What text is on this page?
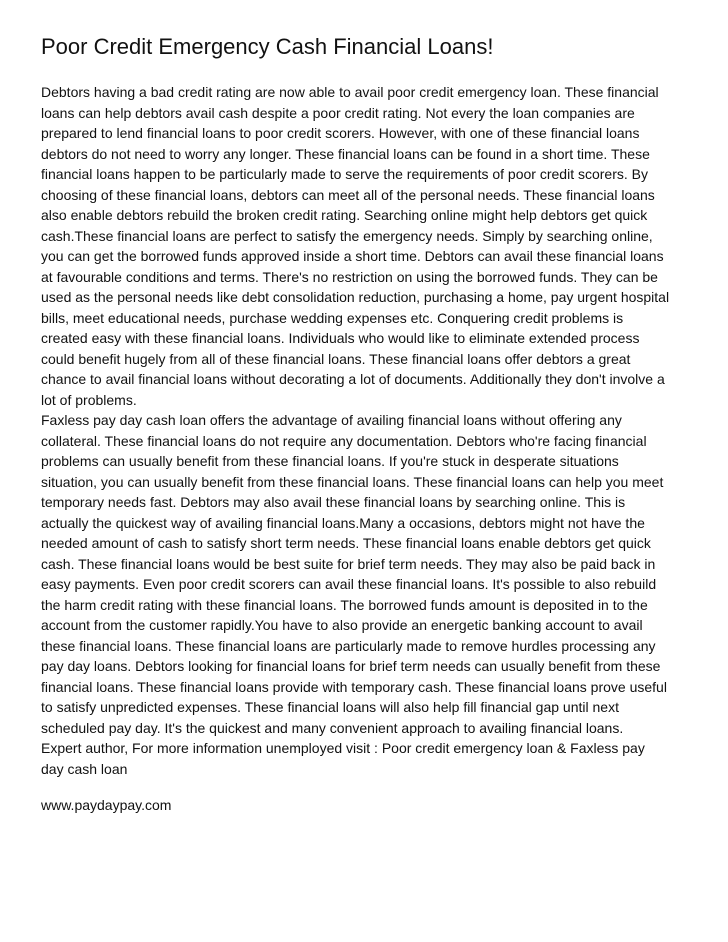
Poor Credit Emergency Cash Financial Loans!
Debtors having a bad credit rating are now able to avail poor credit emergency loan. These financial
loans can help debtors avail cash despite a poor credit rating. Not every the loan companies are
prepared to lend financial loans to poor credit scorers. However, with one of these financial loans
debtors do not need to worry any longer. These financial loans can be found in a short time. These
financial loans happen to be particularly made to serve the requirements of poor credit scorers. By
choosing of these financial loans, debtors can meet all of the personal needs. These financial loans
also enable debtors rebuild the broken credit rating. Searching online might help debtors get quick
cash.These financial loans are perfect to satisfy the emergency needs. Simply by searching online,
you can get the borrowed funds approved inside a short time. Debtors can avail these financial loans
at favourable conditions and terms. There's no restriction on using the borrowed funds. They can be
used as the personal needs like debt consolidation reduction, purchasing a home, pay urgent hospital
bills, meet educational needs, purchase wedding expenses etc. Conquering credit problems is
created easy with these financial loans. Individuals who would like to eliminate extended process
could benefit hugely from all of these financial loans. These financial loans offer debtors a great
chance to avail financial loans without decorating a lot of documents. Additionally they don't involve a
lot of problems.
Faxless pay day cash loan offers the advantage of availing financial loans without offering any
collateral. These financial loans do not require any documentation. Debtors who're facing financial
problems can usually benefit from these financial loans. If you're stuck in desperate situations
situation, you can usually benefit from these financial loans. These financial loans can help you meet
temporary needs fast. Debtors may also avail these financial loans by searching online. This is
actually the quickest way of availing financial loans.Many a occasions, debtors might not have the
needed amount of cash to satisfy short term needs. These financial loans enable debtors get quick
cash. These financial loans would be best suite for brief term needs. They may also be paid back in
easy payments. Even poor credit scorers can avail these financial loans. It's possible to also rebuild
the harm credit rating with these financial loans. The borrowed funds amount is deposited in to the
account from the customer rapidly.You have to also provide an energetic banking account to avail
these financial loans. These financial loans are particularly made to remove hurdles processing any
pay day loans. Debtors looking for financial loans for brief term needs can usually benefit from these
financial loans. These financial loans provide with temporary cash. These financial loans prove useful
to satisfy unpredicted expenses. These financial loans will also help fill financial gap until next
scheduled pay day. It's the quickest and many convenient approach to availing financial loans.
Expert author, For more information unemployed visit : Poor credit emergency loan & Faxless pay
day cash loan
www.paydaypay.com
